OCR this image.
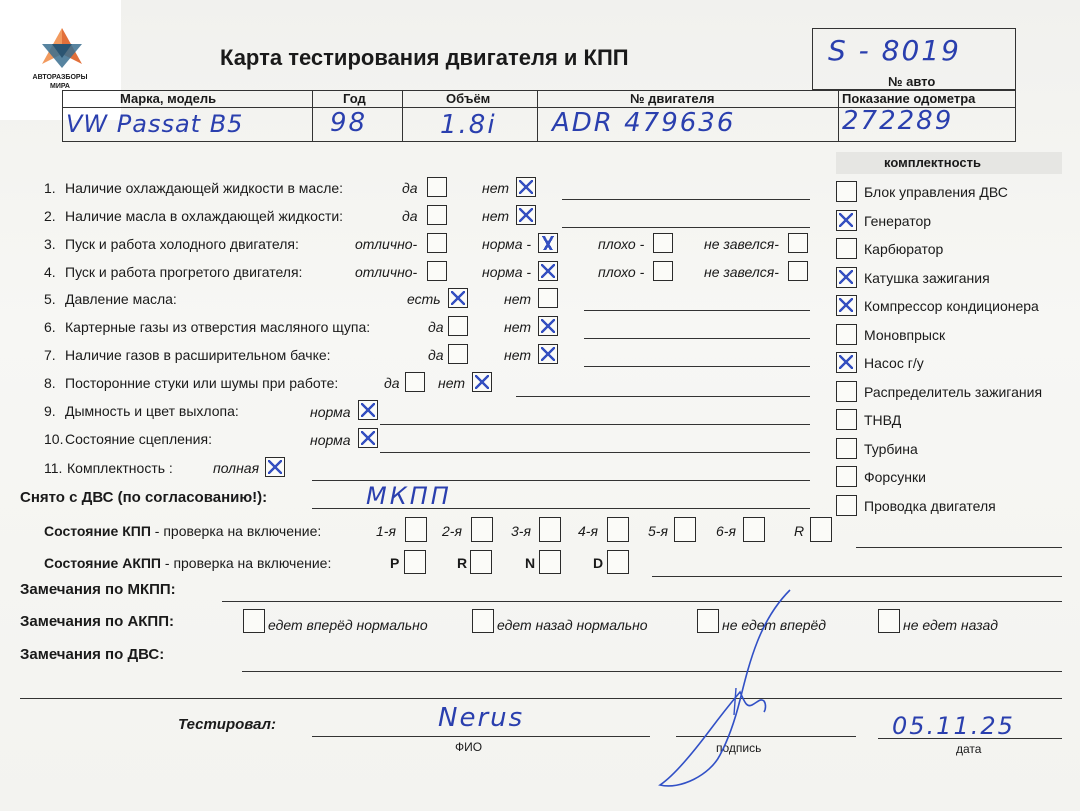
АВТОРАЗБОРЫ
МИРА
Карта тестирования двигателя и КПП	S - 8019
№ авто
Марка, модель	Год	Объём	№ двигателя	Показание одометра
VW Passat B5	98	1.8і ADR 479636	272289
комплектность
1. Наличие охлаждающей жидкости в масле:	да	нет
2. Наличие масла в охлаждающей жидкости:	да	нет
3. Пуск и работа холодного двигателя:	отлично-	норма -	плохо -	не завелся-
4. Пуск и работа прогретого двигателя:	отлично-	норма -	плохо -	не завелся-
5. Давление масла:	есть	нет
6. Картерные газы из отверстия масляного щупа:	да	нет
7. Наличие газов в расширительном бачке:	да	нет
8. Посторонние стуки или шумы при работе:	да	нет
9. Дымность и цвет выхлопа:	норма
10. Состояние сцепления:	норма
11. Комплектность :	полная
Блок управления ДВС
Генератор
Карбюратор
Катушка зажигания
Компрессор кондиционера
Моновпрыск
Насос г/у
Распределитель зажигания
ТНВД
Турбина
Форсунки
Проводка двигателя
Снято с ДВС (по согласованию!):	МКПП
Состояние КПП - проверка на включение:	1-я	2-я	3-я	4-я	5-я	6-я	R
Состояние АКПП - проверка на включение:	P	R	N	D
Замечания по МКПП:
Замечания по АКПП:	едет вперёд нормально	едет назад нормально	не едет вперёд	не едет назад
Замечания по ДВС:
Тестировал:	Nerus
ФИО	подпись
05.11.25
дата
